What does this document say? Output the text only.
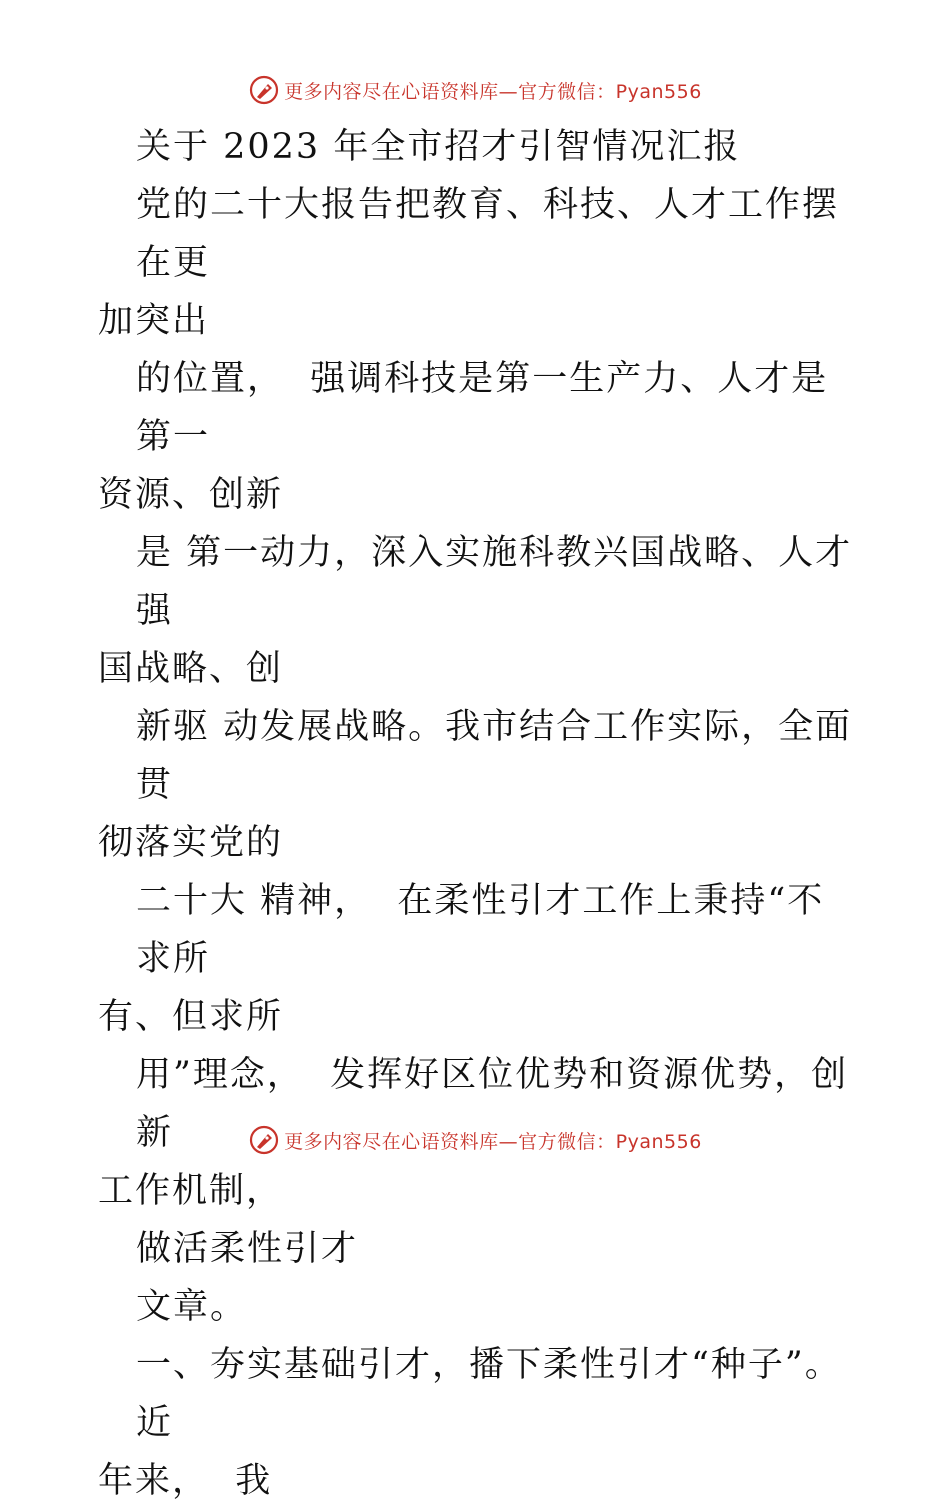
更多内容尽在心语资料库—官方微信：Pyan556
关于 2023 年全市招才引智情况汇报
党的二十大报告把教育、科技、人才工作摆在更
加突出
的位置，  强调科技是第一生产力、人才是第一
资源、创新
是 第一动力，深入实施科教兴国战略、人才强
国战略、创
新驱 动发展战略。我市结合工作实际，全面贯
彻落实党的
二十大 精神，  在柔性引才工作上秉持“不求所
有、但求所
用”理念，  发挥好区位优势和资源优势，创新
工作机制，
做活柔性引才
文章。
一、夯实基础引才，播下柔性引才“种子”。近
年来，  我
更多内容尽在心语资料库—官方微信：Pyan556
